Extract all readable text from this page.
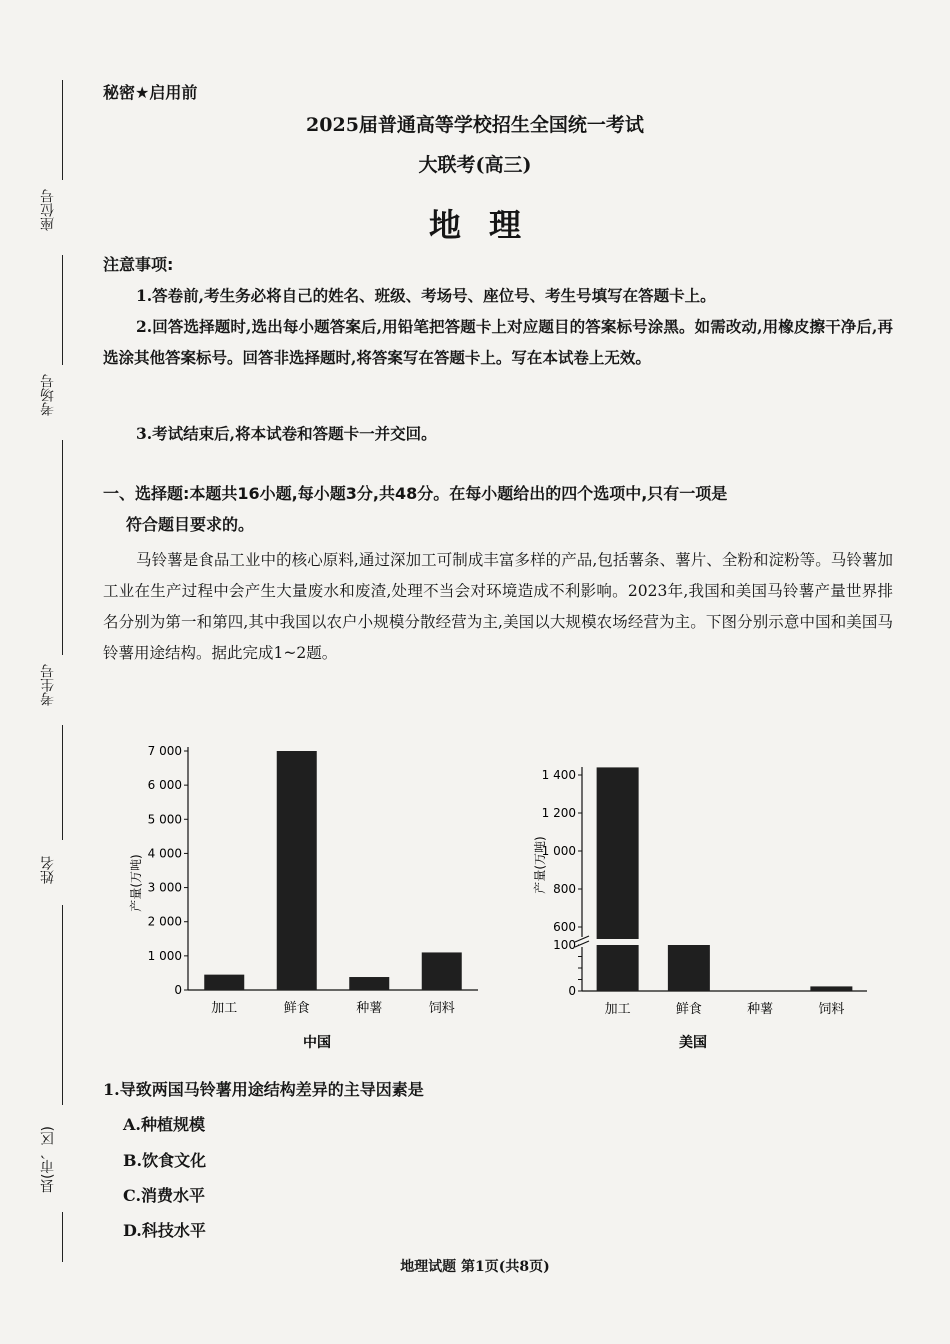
座位号
考场号
考生号
姓名
县(市、区)
秘密★启用前
2025届普通高等学校招生全国统一考试
大联考(高三)
地理
注意事项:
1.答卷前,考生务必将自己的姓名、班级、考场号、座位号、考生号填写在答题卡上。
2.回答选择题时,选出每小题答案后,用铅笔把答题卡上对应题目的答案标号涂黑。如需改动,用橡皮擦干净后,再选涂其他答案标号。回答非选择题时,将答案写在答题卡上。写在本试卷上无效。
3.考试结束后,将本试卷和答题卡一并交回。
一、选择题:本题共16小题,每小题3分,共48分。在每小题给出的四个选项中,只有一项是
符合题目要求的。
马铃薯是食品工业中的核心原料,通过深加工可制成丰富多样的产品,包括薯条、薯片、全粉和淀粉等。马铃薯加工业在生产过程中会产生大量废水和废渣,处理不当会对环境造成不利影响。2023年,我国和美国马铃薯产量世界排名分别为第一和第四,其中我国以农户小规模分散经营为主,美国以大规模农场经营为主。下图分别示意中国和美国马铃薯用途结构。据此完成1~2题。
0
1 000
2 000
3 000
4 000
5 000
6 000
7 000
加工	鲜食	种薯	饲料
中国
产量(万吨)
0
100
600
800
1 000
1 200
1 400
加工	鲜食	种薯	饲料
美国
产量(万吨)
1.导致两国马铃薯用途结构差异的主导因素是
A.种植规模
B.饮食文化
C.消费水平
D.科技水平
地理试题 第1页(共8页)
